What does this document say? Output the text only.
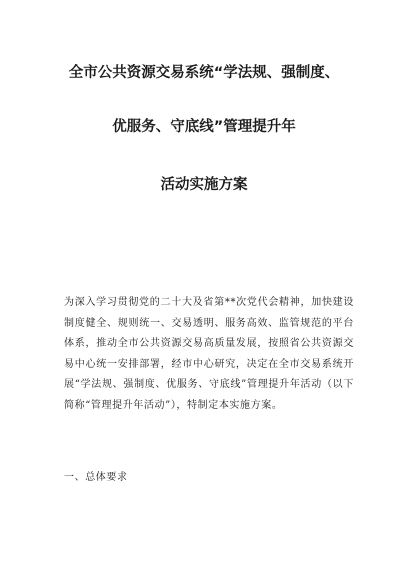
全市公共资源交易系统“学法规、强制度、
优服务、守底线”管理提升年
活动实施方案
为深入学习贯彻党的二十大及省第**次党代会精神，加快建设制度健全、规则统一、交易透明、服务高效、监管规范的平台体系，推动全市公共资源交易高质量发展，按照省公共资源交易中心统一安排部署，经市中心研究，决定在全市交易系统开展“学法规、强制度、优服务、守底线”管理提升年活动（以下简称“管理提升年活动”），特制定本实施方案。
一、总体要求
